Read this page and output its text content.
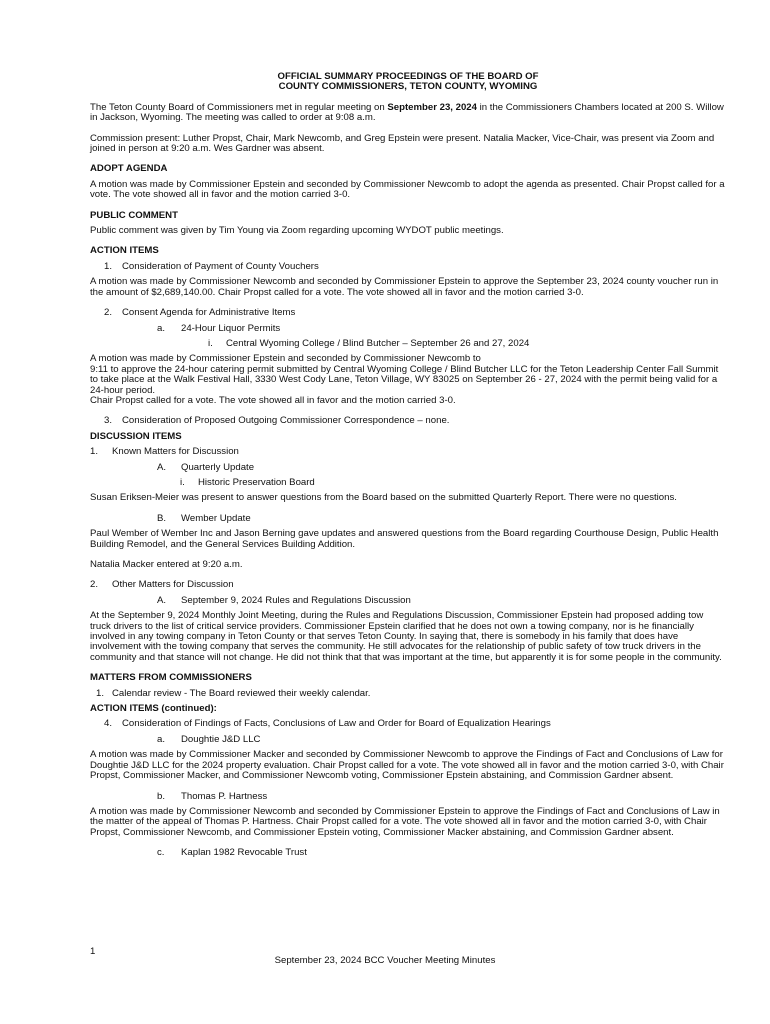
OFFICIAL SUMMARY PROCEEDINGS OF THE BOARD OF
COUNTY COMMISSIONERS, TETON COUNTY, WYOMING

The Teton County Board of Commissioners met in regular meeting on September 23, 2024 in the Commissioners Chambers located at 200 S. Willow in Jackson, Wyoming. The meeting was called to order at 9:08 a.m.

Commission present: Luther Propst, Chair, Mark Newcomb, and Greg Epstein were present. Natalia Macker, Vice-Chair, was present via Zoom and joined in person at 9:20 a.m. Wes Gardner was absent.

ADOPT AGENDA

A motion was made by Commissioner Epstein and seconded by Commissioner Newcomb to adopt the agenda as presented. Chair Propst called for a vote. The vote showed all in favor and the motion carried 3-0.

PUBLIC COMMENT

Public comment was given by Tim Young via Zoom regarding upcoming WYDOT public meetings.

ACTION ITEMS
1.	Consideration of Payment of County Vouchers

A motion was made by Commissioner Newcomb and seconded by Commissioner Epstein to approve the September 23, 2024 county voucher run in the amount of $2,689,140.00. Chair Propst called for a vote. The vote showed all in favor and the motion carried 3-0.

2.	Consent Agenda for Administrative Items
a.	24-Hour Liquor Permits
i.	Central Wyoming College / Blind Butcher – September 26 and 27, 2024
A motion was made by Commissioner Epstein and seconded by Commissioner Newcomb to
9:11 to approve the 24-hour catering permit submitted by Central Wyoming College / Blind Butcher LLC for the Teton Leadership Center Fall Summit to take place at the Walk Festival Hall, 3330 West Cody Lane, Teton Village, WY 83025 on September 26 - 27, 2024 with the permit being valid for a 24-hour period.
Chair Propst called for a vote. The vote showed all in favor and the motion carried 3-0.
3.	Consideration of Proposed Outgoing Commissioner Correspondence – none.
DISCUSSION ITEMS
1.	Known Matters for Discussion
A.	Quarterly Update
i.	Historic Preservation Board

Susan Eriksen-Meier was present to answer questions from the Board based on the submitted Quarterly Report. There were no questions.

B.	Wember Update

Paul Wember of Wember Inc and Jason Berning gave updates and answered questions from the Board regarding Courthouse Design, Public Health Building Remodel, and the General Services Building Addition.

Natalia Macker entered at 9:20 a.m.

2.	Other Matters for Discussion
A.	September 9, 2024 Rules and Regulations Discussion

At the September 9, 2024 Monthly Joint Meeting, during the Rules and Regulations Discussion, Commissioner Epstein had proposed adding tow truck drivers to the list of critical service providers. Commissioner Epstein clarified that he does not own a towing company, nor is he financially involved in any towing company in Teton County or that serves Teton County. In saying that, there is somebody in his family that does have involvement with the towing company that serves the community. He still advocates for the relationship of public safety of tow truck drivers in the community and that stance will not change. He did not think that that was important at the time, but apparently it is for some people in the community.

MATTERS FROM COMMISSIONERS
1. Calendar review - The Board reviewed their weekly calendar.
ACTION ITEMS (continued):
4.	Consideration of Findings of Facts, Conclusions of Law and Order for Board of Equalization Hearings
a.	Doughtie J&D LLC

A motion was made by Commissioner Macker and seconded by Commissioner Newcomb to approve the Findings of Fact and Conclusions of Law for Doughtie J&D LLC for the 2024 property evaluation. Chair Propst called for a vote. The vote showed all in favor and the motion carried 3-0, with Chair Propst, Commissioner Macker, and Commissioner Newcomb voting, Commissioner Epstein abstaining, and Commission Gardner absent.

b.	Thomas P. Hartness

A motion was made by Commissioner Newcomb and seconded by Commissioner Epstein to approve the Findings of Fact and Conclusions of Law in the matter of the appeal of Thomas P. Hartness. Chair Propst called for a vote. The vote showed all in favor and the motion carried 3-0, with Chair Propst, Commissioner Newcomb, and Commissioner Epstein voting, Commissioner Macker abstaining, and Commission Gardner absent.

c.	Kaplan 1982 Revocable Trust
1
September 23, 2024 BCC Voucher Meeting Minutes
